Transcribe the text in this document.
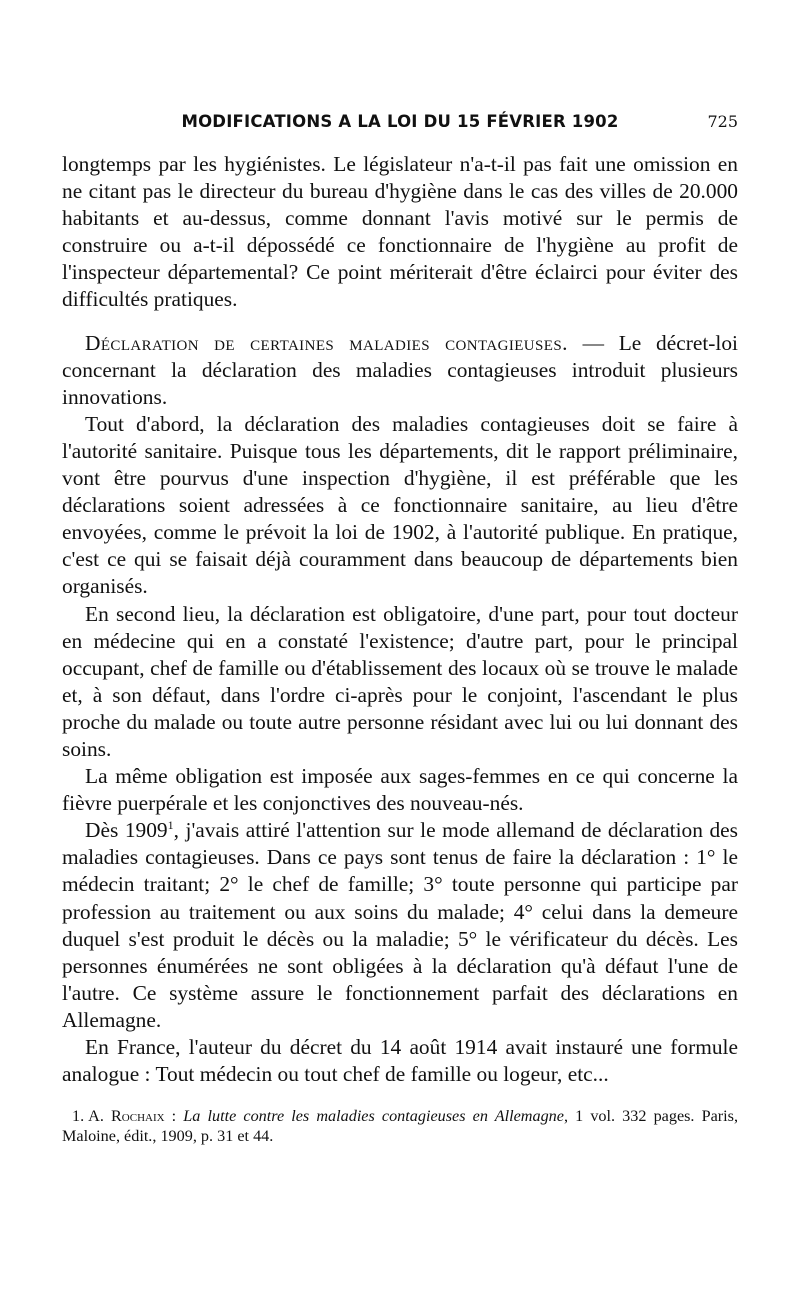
MODIFICATIONS A LA LOI DU 15 FÉVRIER 1902	725

longtemps par les hygiénistes. Le législateur n'a-t-il pas fait une omission en ne citant pas le directeur du bureau d'hygiène dans le cas des villes de 20.000 habitants et au-dessus, comme donnant l'avis motivé sur le permis de construire ou a-t-il dépossédé ce fonctionnaire de l'hygiène au profit de l'inspecteur départemental? Ce point mériterait d'être éclairci pour éviter des difficultés pratiques.

Déclaration de certaines maladies contagieuses. — Le décret-loi concernant la déclaration des maladies contagieuses introduit plusieurs innovations.

Tout d'abord, la déclaration des maladies contagieuses doit se faire à l'autorité sanitaire. Puisque tous les départements, dit le rapport préliminaire, vont être pourvus d'une inspection d'hygiène, il est préférable que les déclarations soient adressées à ce fonctionnaire sanitaire, au lieu d'être envoyées, comme le prévoit la loi de 1902, à l'autorité publique. En pratique, c'est ce qui se faisait déjà couramment dans beaucoup de départements bien organisés.

En second lieu, la déclaration est obligatoire, d'une part, pour tout docteur en médecine qui en a constaté l'existence; d'autre part, pour le principal occupant, chef de famille ou d'établissement des locaux où se trouve le malade et, à son défaut, dans l'ordre ci-après pour le conjoint, l'ascendant le plus proche du malade ou toute autre personne résidant avec lui ou lui donnant des soins.

La même obligation est imposée aux sages-femmes en ce qui concerne la fièvre puerpérale et les conjonctives des nouveau-nés.

Dès 1909$^1$, j'avais attiré l'attention sur le mode allemand de déclaration des maladies contagieuses. Dans ce pays sont tenus de faire la déclaration : 1° le médecin traitant; 2° le chef de famille; 3° toute personne qui participe par profession au traitement ou aux soins du malade; 4° celui dans la demeure duquel s'est produit le décès ou la maladie; 5° le vérificateur du décès. Les personnes énumérées ne sont obligées à la déclaration qu'à défaut l'une de l'autre. Ce système assure le fonctionnement parfait des déclarations en Allemagne.

En France, l'auteur du décret du 14 août 1914 avait instauré une formule analogue : Tout médecin ou tout chef de famille ou logeur, etc...

1. A. Rochaix : La lutte contre les maladies contagieuses en Allemagne, 1 vol. 332 pages. Paris, Maloine, édit., 1909, p. 31 et 44.
